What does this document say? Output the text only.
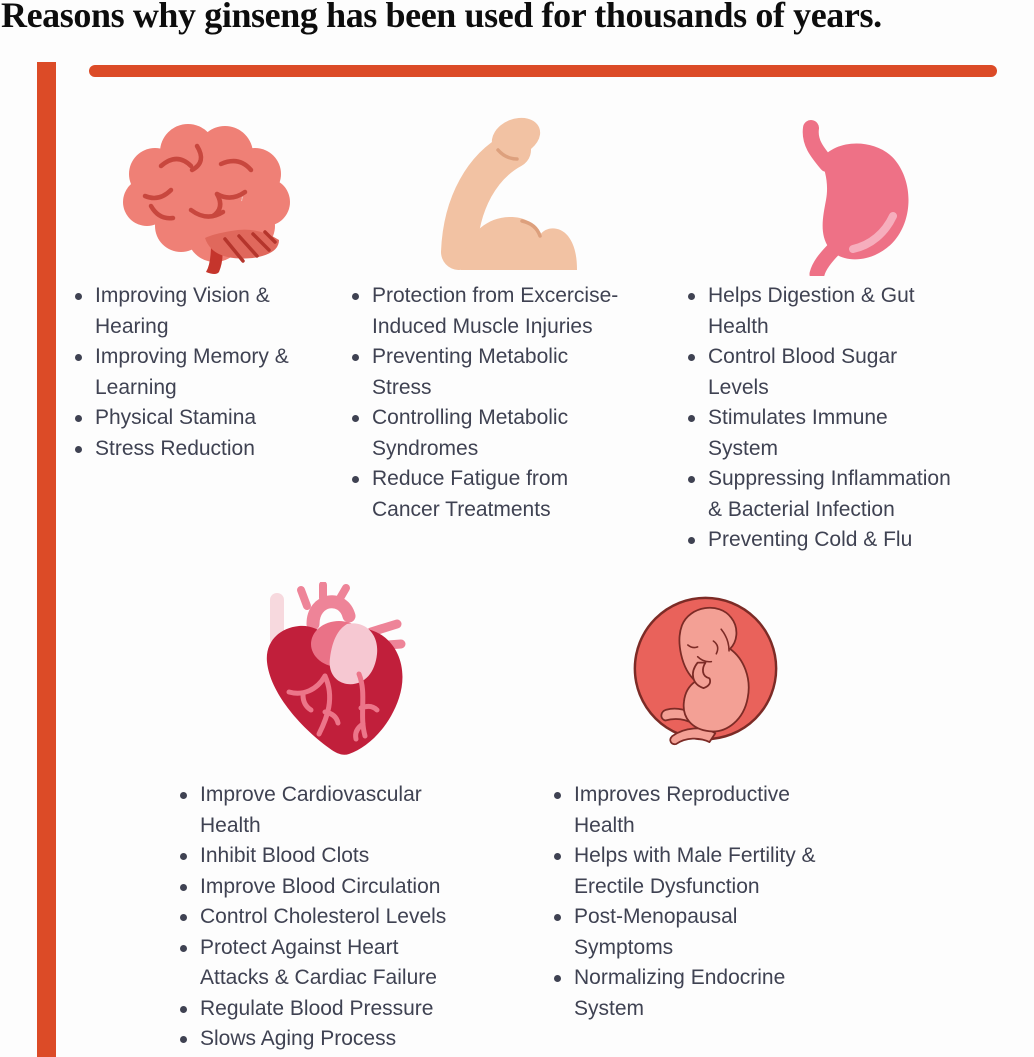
Reasons why ginseng has been used for thousands of years.
Improving Vision & Hearing
Improving Memory & Learning
Physical Stamina
Stress Reduction
Protection from Excercise-Induced Muscle Injuries
Preventing Metabolic Stress
Controlling Metabolic Syndromes
Reduce Fatigue from Cancer Treatments
Helps Digestion & Gut Health
Control Blood Sugar Levels
Stimulates Immune System
Suppressing Inflammation & Bacterial Infection
Preventing Cold & Flu
Improve Cardiovascular Health
Inhibit Blood Clots
Improve Blood Circulation
Control Cholesterol Levels
Protect Against Heart Attacks & Cardiac Failure
Regulate Blood Pressure
Slows Aging Process
Improves Reproductive Health
Helps with Male Fertility & Erectile Dysfunction
Post-Menopausal Symptoms
Normalizing Endocrine System
